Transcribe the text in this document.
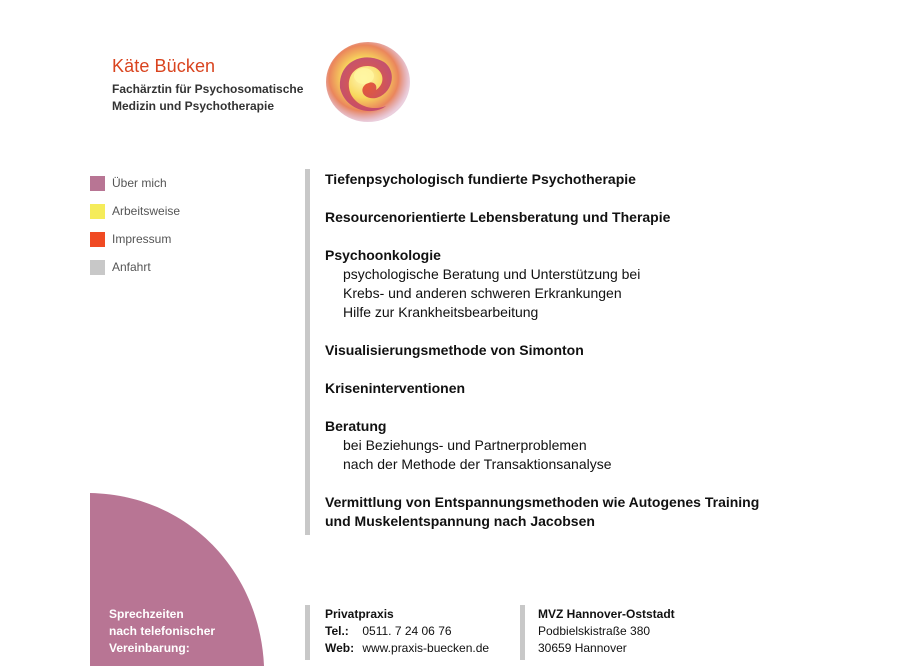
Käte Bücken
Fachärztin für Psychosomatische
Medizin und Psychotherapie
Über mich
Arbeitsweise
Impressum
Anfahrt
Tiefenpsychologisch fundierte Psychotherapie
Resourcenorientierte Lebensberatung und Therapie
Psychoonkologie
psychologische Beratung und Unterstützung bei
Krebs- und anderen schweren Erkrankungen
Hilfe zur Krankheitsbearbeitung
Visualisierungsmethode von Simonton
Kriseninterventionen
Beratung
bei Beziehungs- und Partnerproblemen
nach der Methode der Transaktionsanalyse
Vermittlung von Entspannungsmethoden wie Autogenes Training
und Muskelentspannung nach Jacobsen
Sprechzeiten
nach telefonischer
Vereinbarung:
Privatpraxis
Tel.: 0511. 7 24 06 76
Web: www.praxis-buecken.de
MVZ Hannover-Oststadt
Podbielskistraße 380
30659 Hannover
